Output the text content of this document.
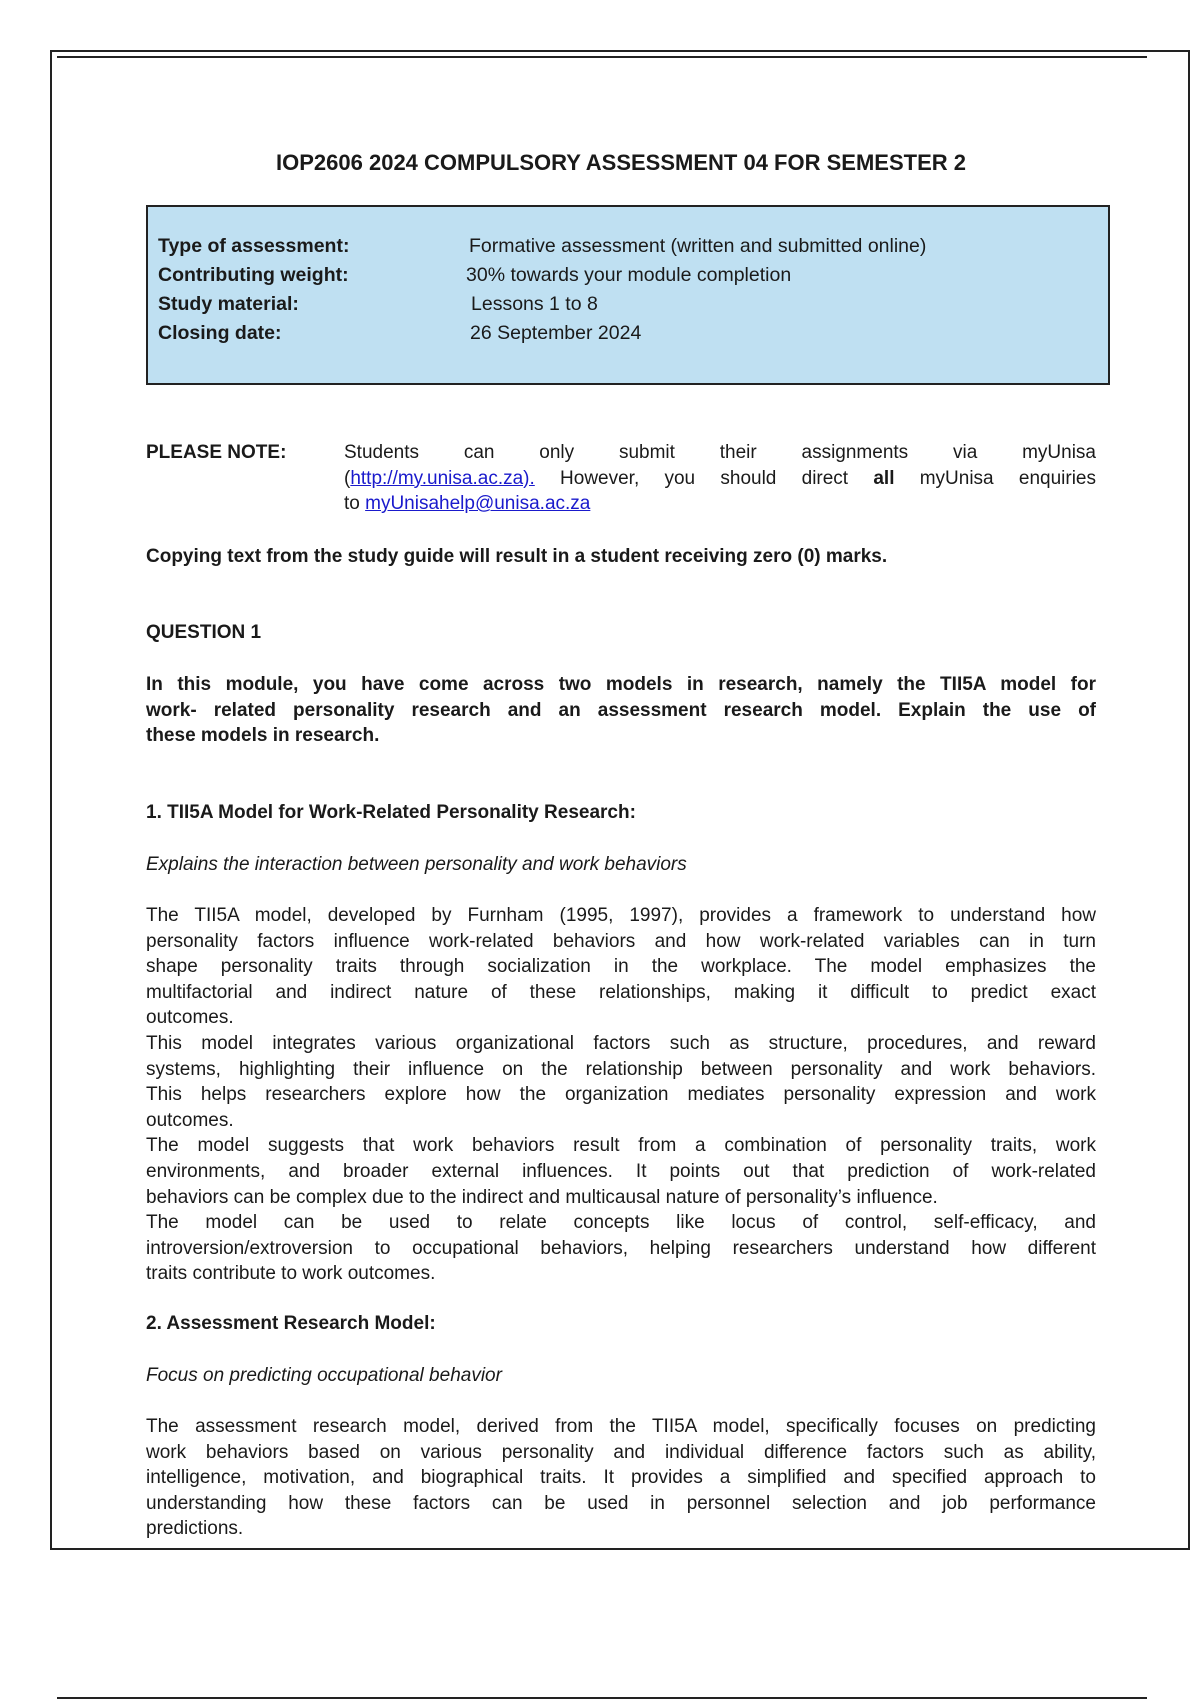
IOP2606 2024 COMPULSORY ASSESSMENT 04 FOR SEMESTER 2
Type of assessment:	Formative assessment (written and submitted online)
Contributing weight:	30% towards your module completion
Study material:	Lessons 1 to 8
Closing date:	26 September 2024
PLEASE NOTE:	Students can only submit their assignments via myUnisa
(http://my.unisa.ac.za). However, you should direct all myUnisa enquiries
to myUnisahelp@unisa.ac.za
Copying text from the study guide will result in a student receiving zero (0) marks.
QUESTION 1
In this module, you have come across two models in research, namely the TII5A model for
work- related personality research and an assessment research model. Explain the use of
these models in research.
1. TII5A Model for Work-Related Personality Research:
Explains the interaction between personality and work behaviors
The TII5A model, developed by Furnham (1995, 1997), provides a framework to understand how
personality factors influence work-related behaviors and how work-related variables can in turn
shape personality traits through socialization in the workplace. The model emphasizes the
multifactorial and indirect nature of these relationships, making it difficult to predict exact
outcomes.
This model integrates various organizational factors such as structure, procedures, and reward
systems, highlighting their influence on the relationship between personality and work behaviors.
This helps researchers explore how the organization mediates personality expression and work
outcomes.
The model suggests that work behaviors result from a combination of personality traits, work
environments, and broader external influences. It points out that prediction of work-related
behaviors can be complex due to the indirect and multicausal nature of personality’s influence.
The model can be used to relate concepts like locus of control, self-efficacy, and
introversion/extroversion to occupational behaviors, helping researchers understand how different
traits contribute to work outcomes.
2. Assessment Research Model:
Focus on predicting occupational behavior
The assessment research model, derived from the TII5A model, specifically focuses on predicting
work behaviors based on various personality and individual difference factors such as ability,
intelligence, motivation, and biographical traits. It provides a simplified and specified approach to
understanding how these factors can be used in personnel selection and job performance
predictions.
